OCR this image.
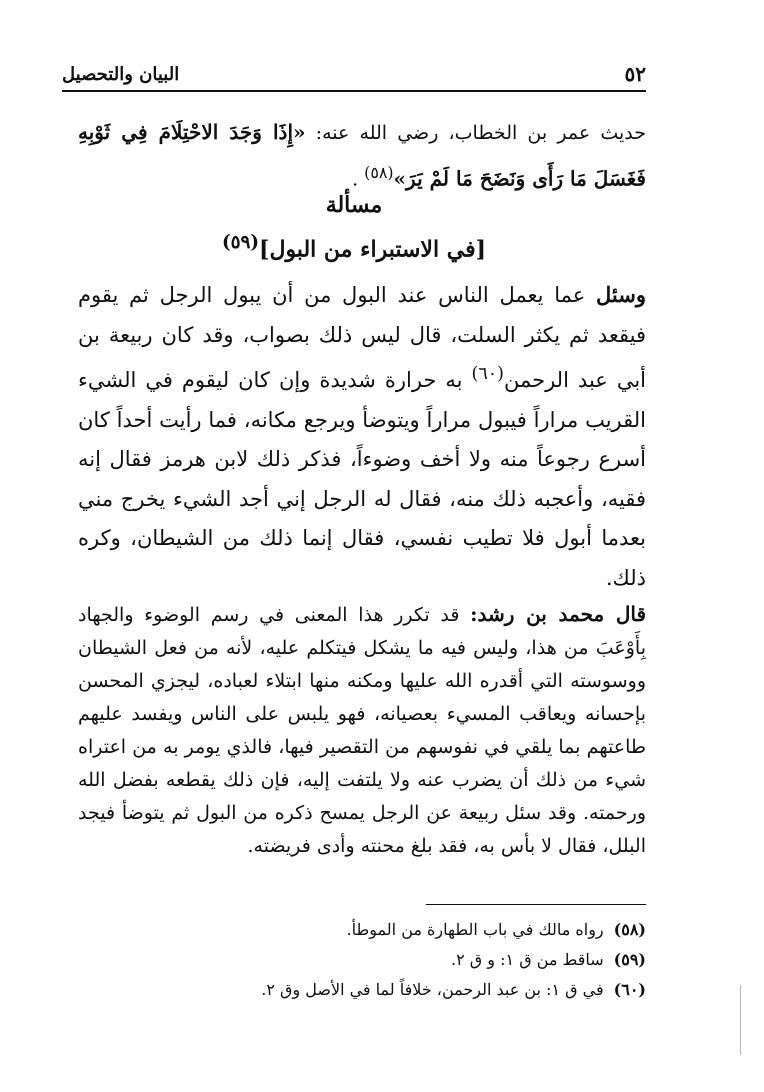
البيان والتحصيل	٥٢
حديث عمر بن الخطاب، رضي الله عنه: «إِذَا وَجَدَ الاحْتِلَامَ فِي ثَوْبِهِ فَغَسَلَ مَا رَأَى وَنَضَحَ مَا لَمْ يَرَ»$^{(٥٨)}$ .
مسألة
[في الاستبراء من البول]$^{(٥٩)}$
وسئل عما يعمل الناس عند البول من أن يبول الرجل ثم يقوم فيقعد ثم يكثر السلت، قال ليس ذلك بصواب، وقد كان ربيعة بن أبي عبد الرحمن$^{(٦٠)}$ به حرارة شديدة وإن كان ليقوم في الشيء القريب مراراً فيبول مراراً ويتوضأ ويرجع مكانه، فما رأيت أحداً كان أسرع رجوعاً منه ولا أخف وضوءاً، فذكر ذلك لابن هرمز فقال إنه فقيه، وأعجبه ذلك منه، فقال له الرجل إني أجد الشيء يخرج مني بعدما أبول فلا تطيب نفسي، فقال إنما ذلك من الشيطان، وكره ذلك.
قال محمد بن رشد: قد تكرر هذا المعنى في رسم الوضوء والجهاد بِأَوْعَبَ من هذا، وليس فيه ما يشكل فيتكلم عليه، لأنه من فعل الشيطان ووسوسته التي أقدره الله عليها ومكنه منها ابتلاء لعباده، ليجزي المحسن بإحسانه ويعاقب المسيء بعصيانه، فهو يلبس على الناس ويفسد عليهم طاعتهم بما يلقي في نفوسهم من التقصير فيها، فالذي يومر به من اعتراه شيء من ذلك أن يضرب عنه ولا يلتفت إليه، فإن ذلك يقطعه بفضل الله ورحمته. وقد سئل ربيعة عن الرجل يمسح ذكره من البول ثم يتوضأ فيجد البلل، فقال لا بأس به، فقد بلغ محنته وأدى فريضته.
(٥٨)رواه مالك في باب الطهارة من الموطأ.
(٥٩)ساقط من ق ١: و ق ٢.
(٦٠)في ق ١: بن عبد الرحمن، خلافاً لما في الأصل وق ٢.
